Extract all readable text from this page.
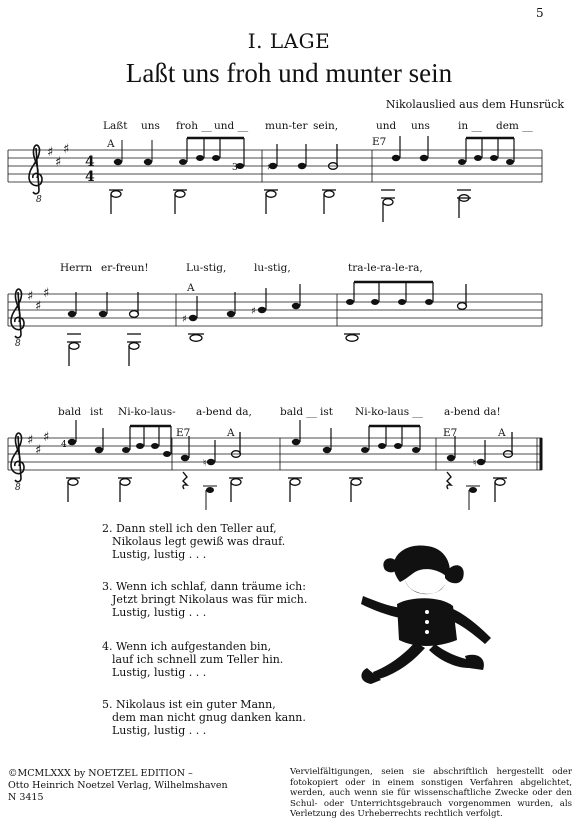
5
I. LAGE
Laßt uns froh und munter sein
Nikolauslied aus dem Hunsrück
Laßt uns froh __ und __ mun-ter sein,	und uns	in __ dem __
A	E7
Herrn er-freun!	Lu-stig,	lu-stig,	tra-le-ra-le-ra,
A
bald ist Ni-ko-laus- a-bend da,	bald __ ist Ni-ko-laus __ a-bend da!
E7	A	E7	A
8
4
4
♯
3
8
♯
♯
8
4
♮	♮
2. Dann stell ich den Teller auf,
Nikolaus legt gewiß was drauf.
Lustig, lustig . . .
3. Wenn ich schlaf, dann träume ich:
Jetzt bringt Nikolaus was für mich.
Lustig, lustig . . .
4. Wenn ich aufgestanden bin,
lauf ich schnell zum Teller hin.
Lustig, lustig . . .
5. Nikolaus ist ein guter Mann,
dem man nicht gnug danken kann.
Lustig, lustig . . .
©MCMLXXX by NOETZEL EDITION –
Otto Heinrich Noetzel Verlag, Wilhelmshaven
N 3415
Vervielfältigungen, seien sie abschriftlich hergestellt oder fotokopiert oder in einem sonstigen Verfahren abgelichtet, werden, auch wenn sie für wissenschaftliche Zwecke oder den Schul- oder Unterrichtsgebrauch vorgenommen wurden, als Verletzung des Urheberrechts rechtlich verfolgt.
